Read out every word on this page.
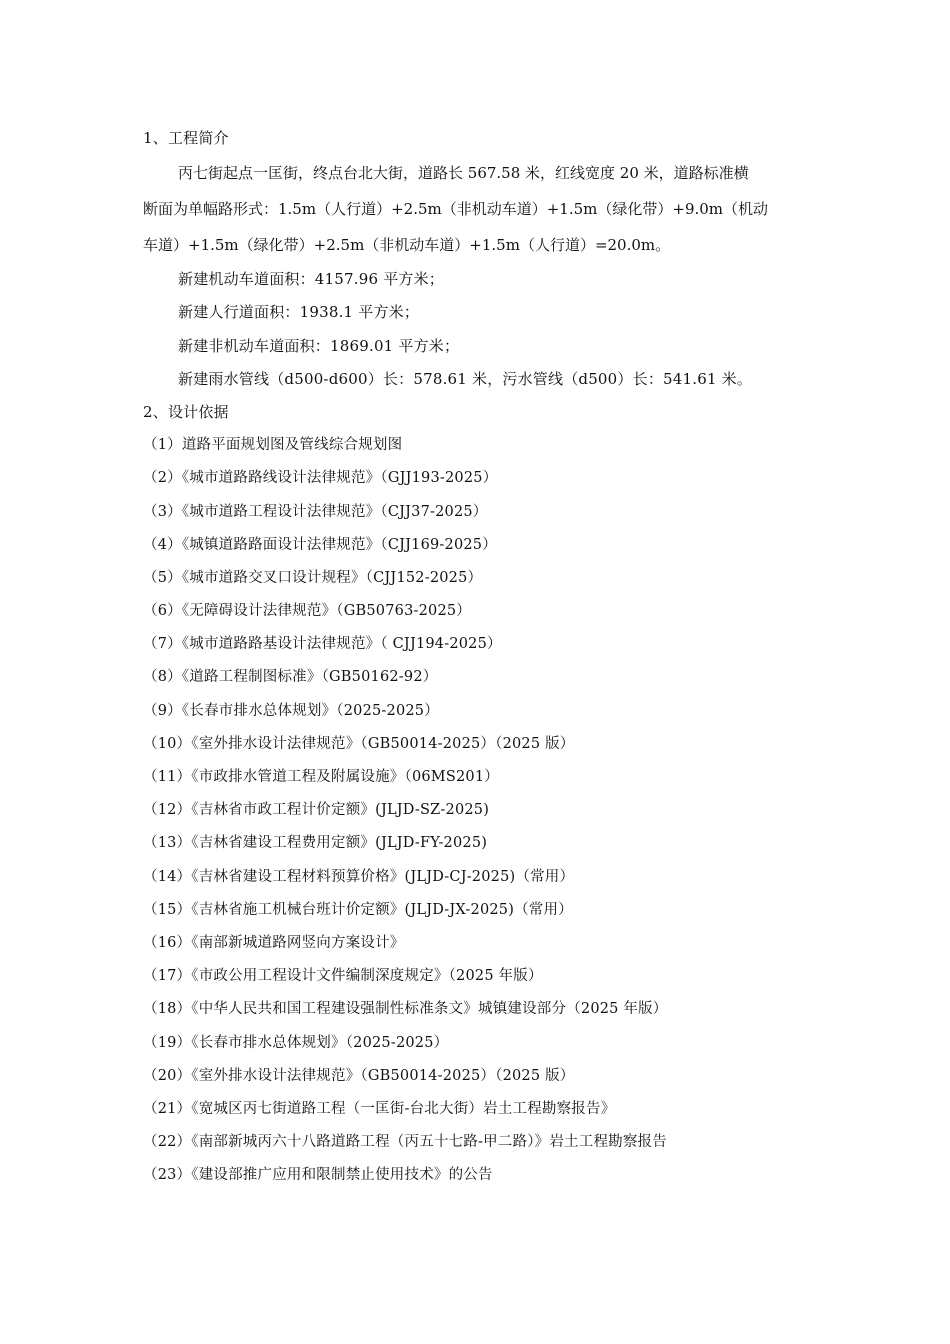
1、工程简介
丙七街起点一匡街，终点台北大街，道路长 567.58 米，红线宽度 20 米，道路标准横
断面为单幅路形式：1.5m（人行道）+2.5m（非机动车道）+1.5m（绿化带）+9.0m（机动
车道）+1.5m（绿化带）+2.5m（非机动车道）+1.5m（人行道）=20.0m。
新建机动车道面积：4157.96 平方米；
新建人行道面积：1938.1 平方米；
新建非机动车道面积：1869.01 平方米；
新建雨水管线（d500-d600）长：578.61 米，污水管线（d500）长：541.61 米。
2、设计依据
（1）道路平面规划图及管线综合规划图
（2）《城市道路路线设计法律规范》（GJJ193-2025）
（3）《城市道路工程设计法律规范》（CJJ37-2025）
（4）《城镇道路路面设计法律规范》（CJJ169-2025）
（5）《城市道路交叉口设计规程》（CJJ152-2025）
（6）《无障碍设计法律规范》（GB50763-2025）
（7）《城市道路路基设计法律规范》（ CJJ194-2025）
（8）《道路工程制图标准》（GB50162-92）
（9）《长春市排水总体规划》（2025-2025）
（10）《室外排水设计法律规范》（GB50014-2025）（2025 版）
（11）《市政排水管道工程及附属设施》（06MS201）
（12）《吉林省市政工程计价定额》(JLJD-SZ-2025)
（13）《吉林省建设工程费用定额》(JLJD-FY-2025)
（14）《吉林省建设工程材料预算价格》(JLJD-CJ-2025)（常用）
（15）《吉林省施工机械台班计价定额》(JLJD-JX-2025)（常用）
（16）《南部新城道路网竖向方案设计》
（17）《市政公用工程设计文件编制深度规定》（2025 年版）
（18）《中华人民共和国工程建设强制性标准条文》城镇建设部分（2025 年版）
（19）《长春市排水总体规划》（2025-2025）
（20）《室外排水设计法律规范》（GB50014-2025）（2025 版）
（21）《宽城区丙七街道路工程（一匡街-台北大街）岩土工程勘察报告》
（22）《南部新城丙六十八路道路工程（丙五十七路-甲二路）》岩土工程勘察报告
（23）《建设部推广应用和限制禁止使用技术》的公告
